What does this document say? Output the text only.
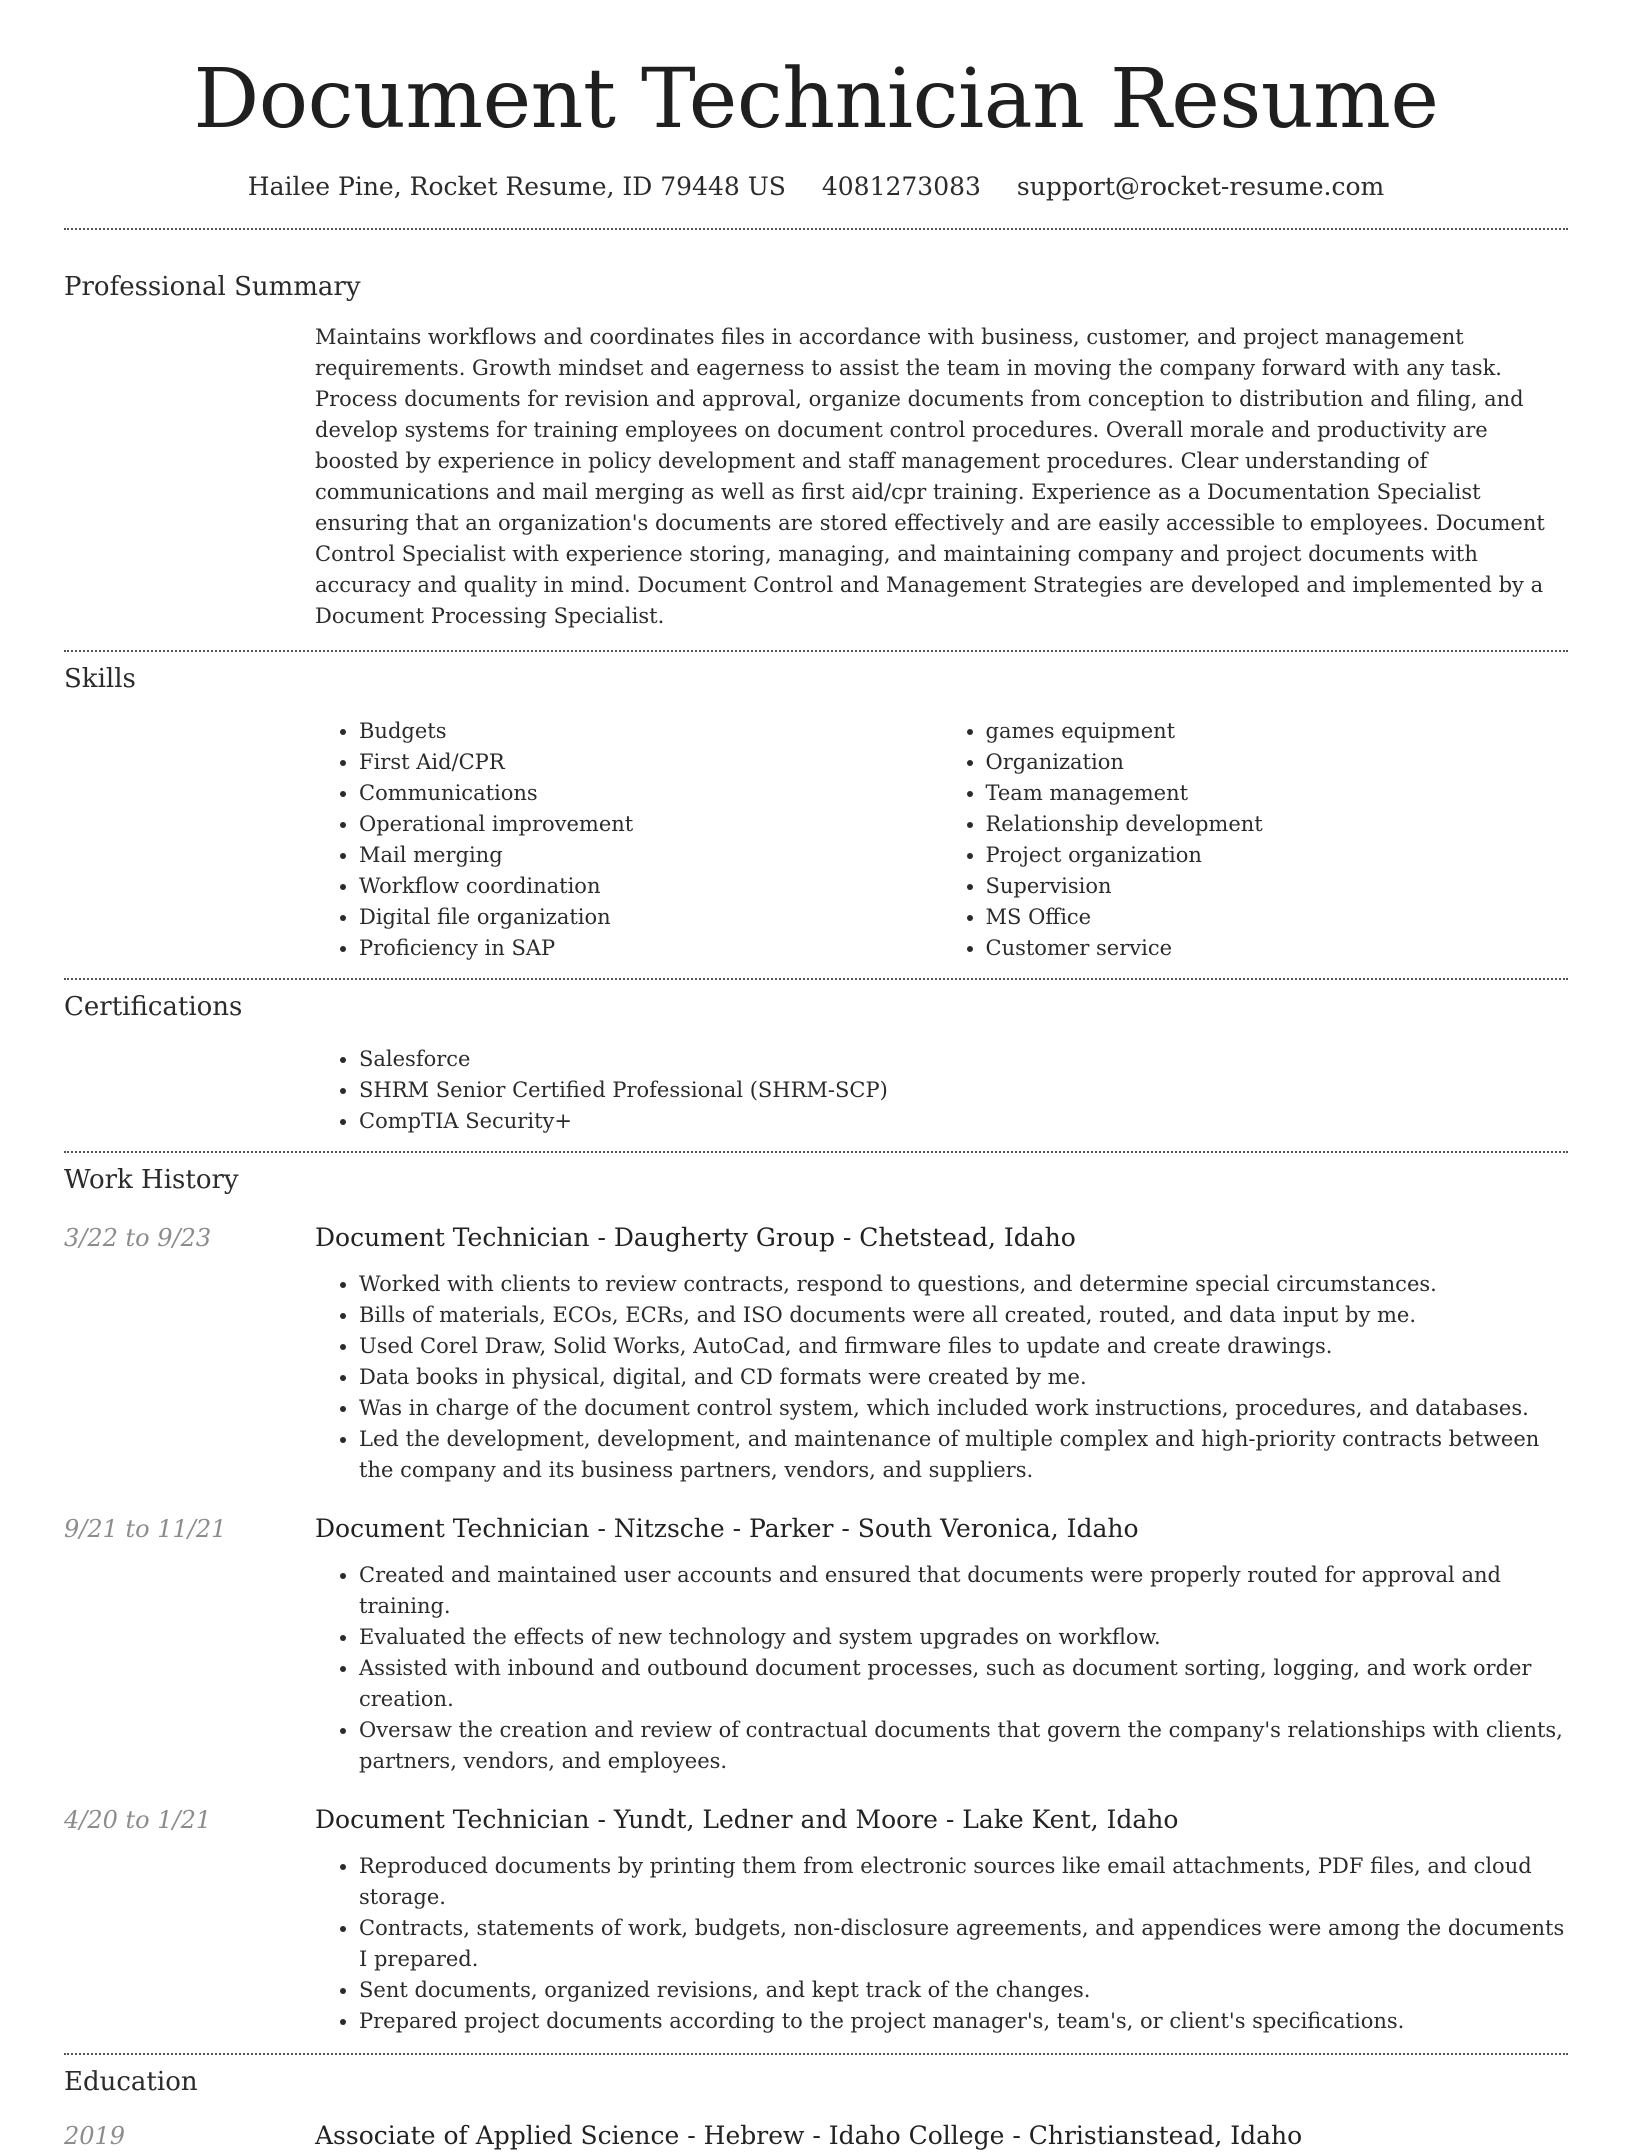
Document Technician Resume
Hailee Pine, Rocket Resume, ID 79448 US 4081273083 support@rocket-resume.com
Professional Summary

Maintains workflows and coordinates files in accordance with business, customer, and project management requirements. Growth mindset and eagerness to assist the team in moving the company forward with any task. Process documents for revision and approval, organize documents from conception to distribution and filing, and develop systems for training employees on document control procedures. Overall morale and productivity are boosted by experience in policy development and staff management procedures. Clear understanding of communications and mail merging as well as first aid/cpr training. Experience as a Documentation Specialist ensuring that an organization's documents are stored effectively and are easily accessible to employees. Document Control Specialist with experience storing, managing, and maintaining company and project documents with accuracy and quality in mind. Document Control and Management Strategies are developed and implemented by a Document Processing Specialist.

Skills
• Budgets
• First Aid/CPR
• Communications
• Operational improvement
• Mail merging
• Workflow coordination
• Digital file organization
• Proficiency in SAP
• games equipment
• Organization
• Team management
• Relationship development
• Project organization
• Supervision
• MS Office
• Customer service
Certifications
• Salesforce
• SHRM Senior Certified Professional (SHRM-SCP)
• CompTIA Security+
Work History
3/22 to 9/23	Document Technician - Daugherty Group - Chetstead, Idaho
• Worked with clients to review contracts, respond to questions, and determine special circumstances.
• Bills of materials, ECOs, ECRs, and ISO documents were all created, routed, and data input by me.
• Used Corel Draw, Solid Works, AutoCad, and firmware files to update and create drawings.
• Data books in physical, digital, and CD formats were created by me.
• Was in charge of the document control system, which included work instructions, procedures, and databases.
• Led the development, development, and maintenance of multiple complex and high-priority contracts between the company and its business partners, vendors, and suppliers.
9/21 to 11/21	Document Technician - Nitzsche - Parker - South Veronica, Idaho
• Created and maintained user accounts and ensured that documents were properly routed for approval and training.
• Evaluated the effects of new technology and system upgrades on workflow.
• Assisted with inbound and outbound document processes, such as document sorting, logging, and work order creation.
• Oversaw the creation and review of contractual documents that govern the company's relationships with clients, partners, vendors, and employees.
4/20 to 1/21	Document Technician - Yundt, Ledner and Moore - Lake Kent, Idaho
• Reproduced documents by printing them from electronic sources like email attachments, PDF files, and cloud storage.
• Contracts, statements of work, budgets, non-disclosure agreements, and appendices were among the documents I prepared.
• Sent documents, organized revisions, and kept track of the changes.
• Prepared project documents according to the project manager's, team's, or client's specifications.
Education
2019	Associate of Applied Science - Hebrew - Idaho College - Christianstead, Idaho
